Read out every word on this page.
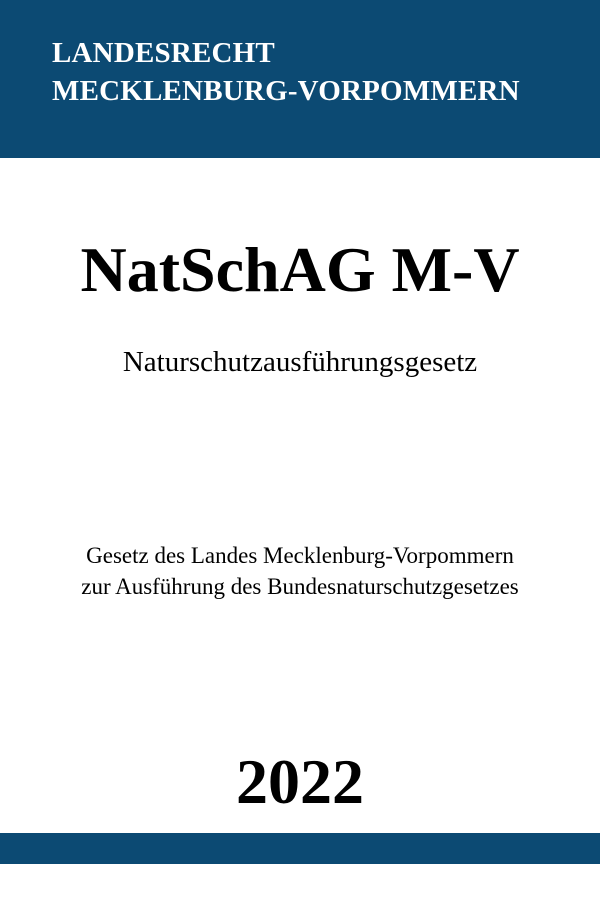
LANDESRECHT
MECKLENBURG-VORPOMMERN
NatSchAG M-V
Naturschutzausführungsgesetz
Gesetz des Landes Mecklenburg-Vorpommern
zur Ausführung des Bundesnaturschutzgesetzes
2022
